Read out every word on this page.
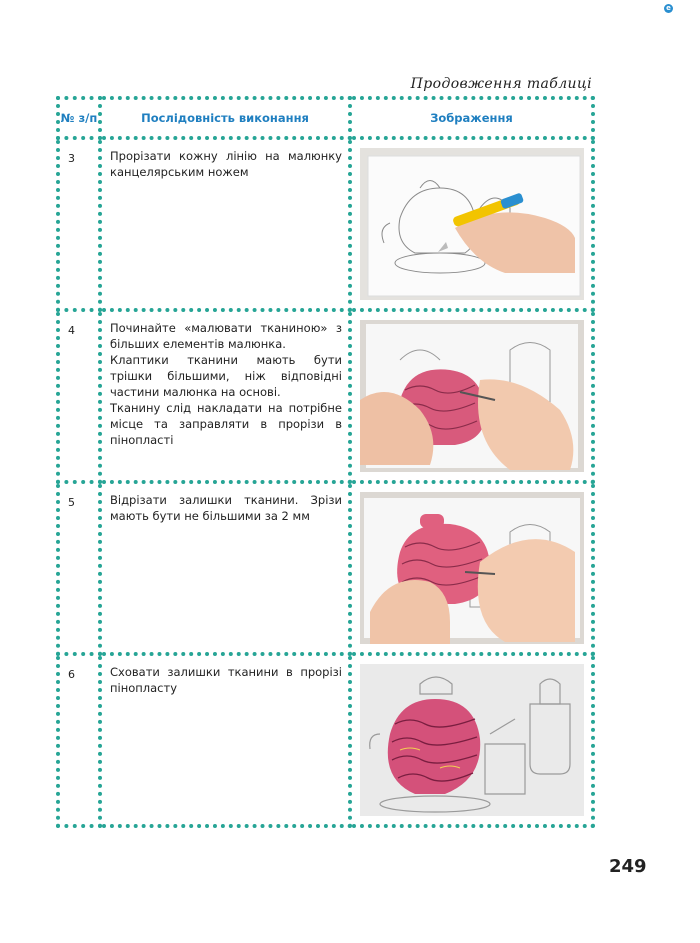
e
Продовження таблиці
№ з/п	Послідовність виконання	Зображення
3	Прорізати кожну лінію на малюнку канцелярським ножем

4	Починайте «малювати тканиною» з більших елементів малюнка.

Клаптики тканини мають бути трішки більшими, ніж відповідні частини малюнка на основі.

Тканину слід накладати на потрібне місце та заправляти в прорізи в пінопласті

5	Відрізати залишки тканини. Зрізи мають бути не більшими за 2 мм

6	Сховати залишки тканини в прорізі пінопласту

249
